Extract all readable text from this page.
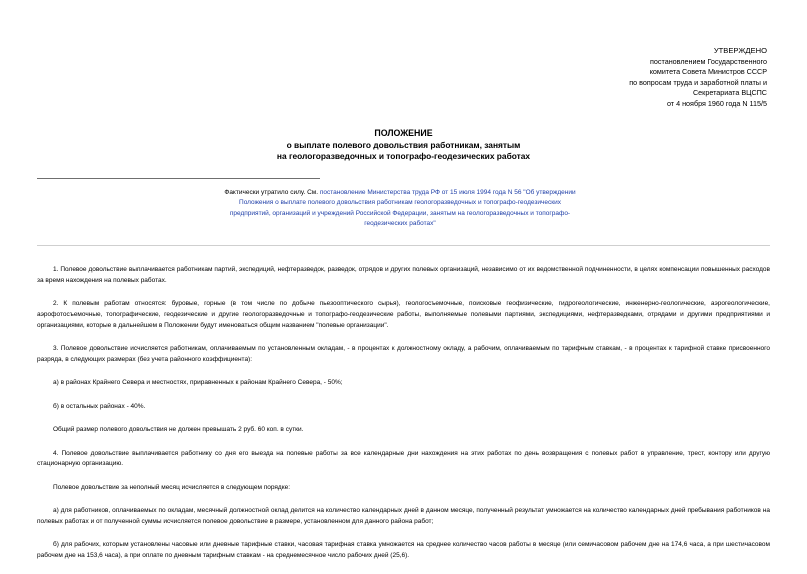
УТВЕРЖДЕНО
постановлением Государственного
комитета Совета Министров СССР
по вопросам труда и заработной платы и
Секретариата ВЦСПС
от 4 ноября 1960 года N 115/5
ПОЛОЖЕНИЕ
о выплате полевого довольствия работникам, занятым
на геологоразведочных и топографо-геодезических работах
Фактически утратило силу. См. постановление Министерства труда РФ от 15 июля 1994 года N 56 "Об утверждении Положения о выплате полевого довольствия работникам геологоразведочных и топографо-геодезических предприятий, организаций и учреждений Российской Федерации, занятым на геологоразведочных и топографо-геодезических работах"

1. Полевое довольствие выплачивается работникам партий, экспедиций, нефтеразведок, разведок, отрядов и других полевых организаций, независимо от их ведомственной подчиненности, в целях компенсации повышенных расходов за время нахождения на полевых работах.

2. К полевым работам относятся: буровые, горные (в том числе по добыче пьезооптического сырья), геологосъемочные, поисковые геофизические, гидрогеологические, инженерно-геологические, аэрогеологические, аэрофотосъемочные, топографические, геодезические и другие геологоразведочные и топографо-геодезические работы, выполняемые полевыми партиями, экспедициями, нефтеразведками, отрядами и другими предприятиями и организациями, которые в дальнейшем в Положении будут именоваться общим названием "полевые организации".

3. Полевое довольствие исчисляется работникам, оплачиваемым по установленным окладам, - в процентах к должностному окладу, а рабочим, оплачиваемым по тарифным ставкам, - в процентах к тарифной ставке присвоенного разряда, в следующих размерах (без учета районного коэффициента):

а) в районах Крайнего Севера и местностях, приравненных к районам Крайнего Севера, - 50%;

б) в остальных районах - 40%.

Общий размер полевого довольствия не должен превышать 2 руб. 60 коп. в сутки.

4. Полевое довольствие выплачивается работнику со дня его выезда на полевые работы за все календарные дни нахождения на этих работах по день возвращения с полевых работ в управление, трест, контору или другую стационарную организацию.

Полевое довольствие за неполный месяц исчисляется в следующем порядке:

а) для работников, оплачиваемых по окладам, месячный должностной оклад делится на количество календарных дней в данном месяце, полученный результат умножается на количество календарных дней пребывания работников на полевых работах и от полученной суммы исчисляется полевое довольствие в размере, установленном для данного района работ;

б) для рабочих, которым установлены часовые или дневные тарифные ставки, часовая тарифная ставка умножается на среднее количество часов работы в месяце (или семичасовом рабочем дне на 174,6 часа, а при шестичасовом рабочем дне на 153,6 часа), а при оплате по дневным тарифным ставкам - на среднемесячное число рабочих дней (25,6).
